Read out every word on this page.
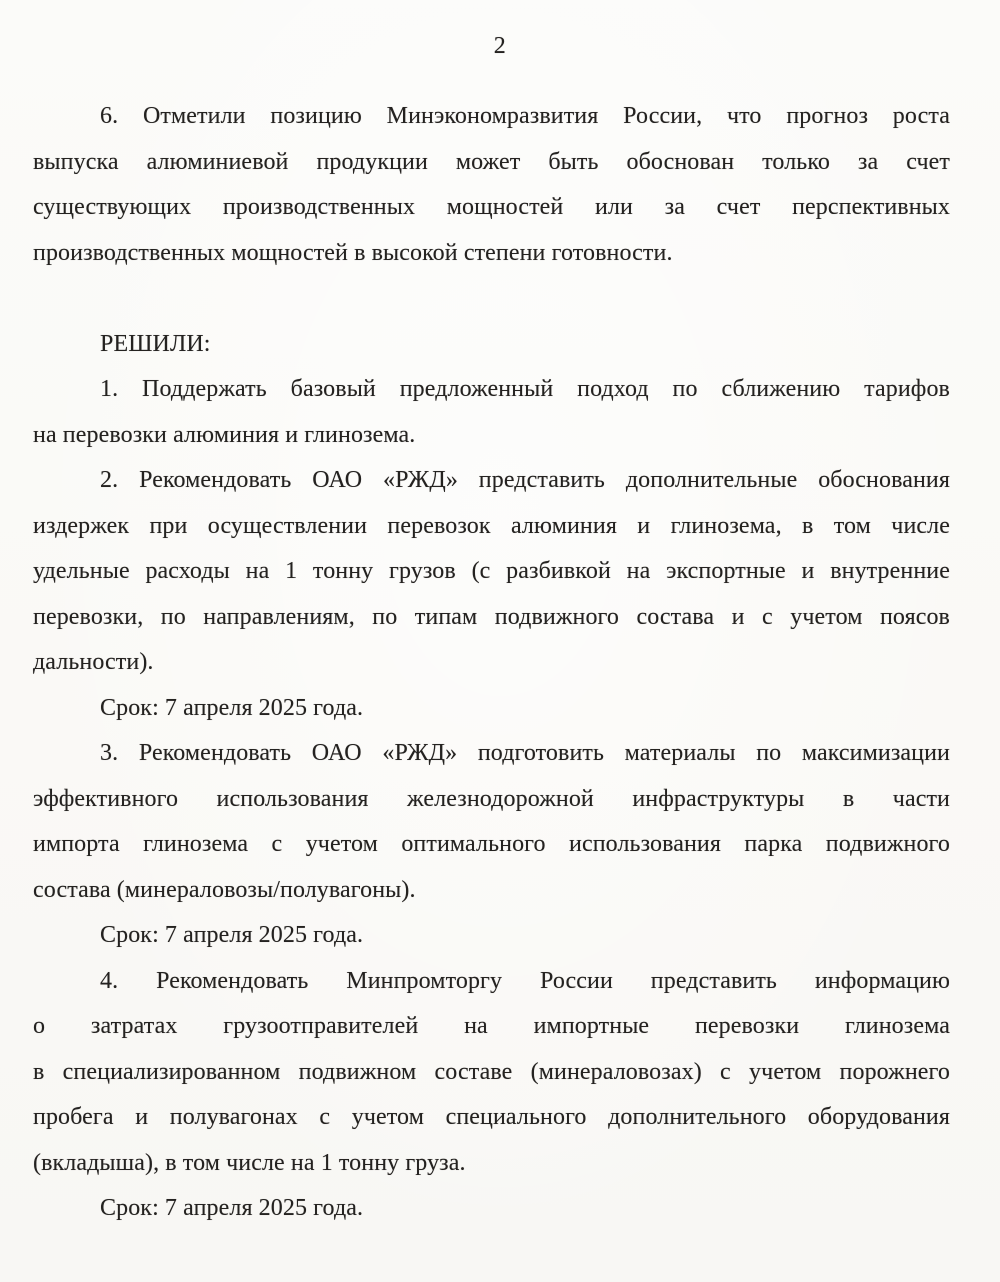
2
6. Отметили позицию Минэкономразвития России, что прогноз роста
выпуска алюминиевой продукции может быть обоснован только за счет
существующих производственных мощностей или за счет перспективных
производственных мощностей в высокой степени готовности.
РЕШИЛИ:
1. Поддержать базовый предложенный подход по сближению тарифов
на перевозки алюминия и глинозема.
2. Рекомендовать ОАО «РЖД» представить дополнительные обоснования
издержек при осуществлении перевозок алюминия и глинозема, в том числе
удельные расходы на 1 тонну грузов (с разбивкой на экспортные и внутренние
перевозки, по направлениям, по типам подвижного состава и с учетом поясов
дальности).
Срок: 7 апреля 2025 года.
3. Рекомендовать ОАО «РЖД» подготовить материалы по максимизации
эффективного использования железнодорожной инфраструктуры в части
импорта глинозема с учетом оптимального использования парка подвижного
состава (минераловозы/полувагоны).
Срок: 7 апреля 2025 года.
4. Рекомендовать Минпромторгу России представить информацию
о затратах грузоотправителей на импортные перевозки глинозема
в специализированном подвижном составе (минераловозах) с учетом порожнего
пробега и полувагонах с учетом специального дополнительного оборудования
(вкладыша), в том числе на 1 тонну груза.
Срок: 7 апреля 2025 года.
